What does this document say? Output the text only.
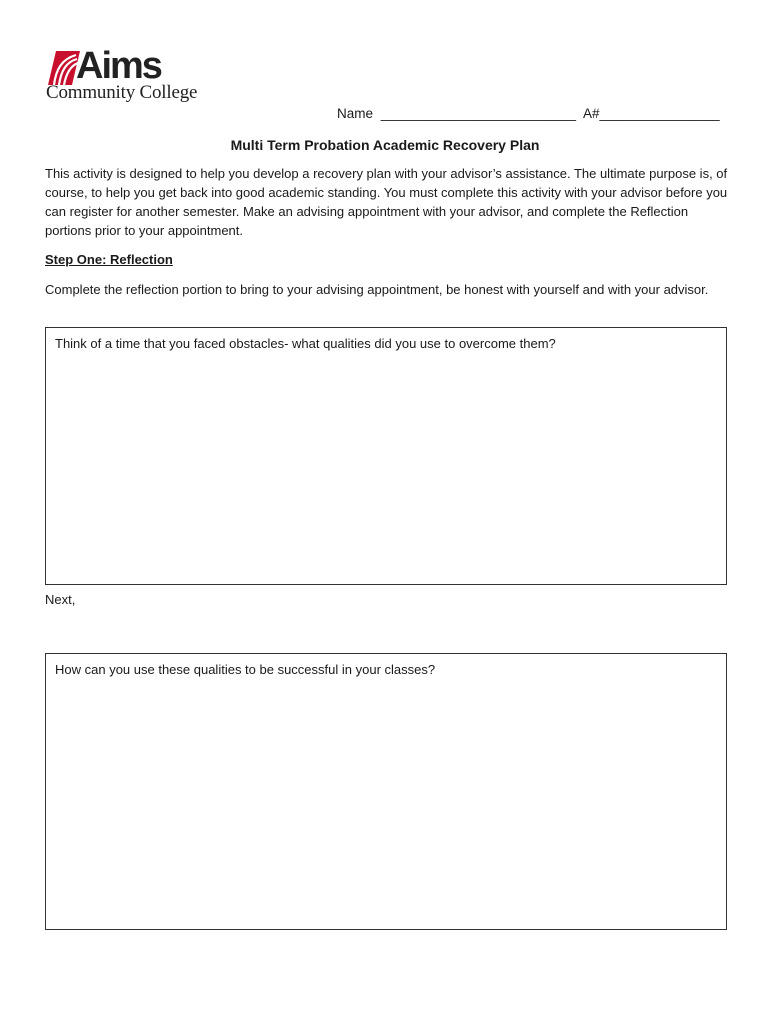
Aims
Community College
Name __________________________ A#________________
Multi Term Probation Academic Recovery Plan
This activity is designed to help you develop a recovery plan with your advisor’s assistance. The ultimate purpose is, of course, to help you get back into good academic standing. You must complete this activity with your advisor before you can register for another semester. Make an advising appointment with your advisor, and complete the Reflection portions prior to your appointment.
Step One: Reflection
Complete the reflection portion to bring to your advising appointment, be honest with yourself and with your advisor.
Think of a time that you faced obstacles- what qualities did you use to overcome them?
Next,
How can you use these qualities to be successful in your classes?
